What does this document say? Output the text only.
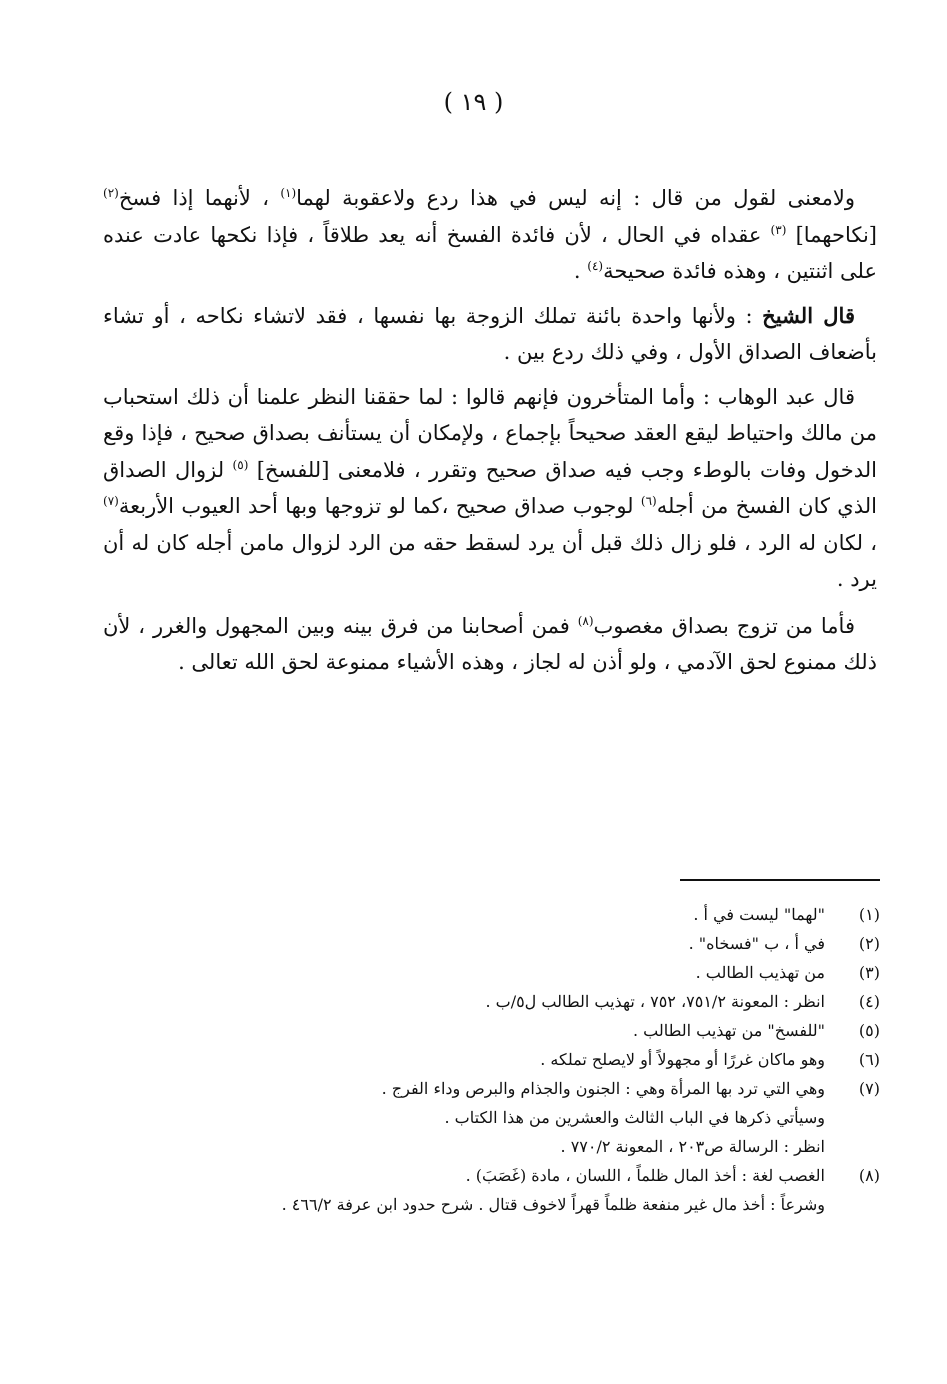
( ١٩ )

ولامعنى لقول من قال : إنه ليس في هذا ردع ولاعقوبة لهما$^{(١)}$ ، لأنهما إذا فسخ$^{(٢)}$ [نكاحهما] $^{(٣)}$ عقداه في الحال ، لأن فائدة الفسخ أنه يعد طلاقاً ، فإذا نكحها عادت عنده على اثنتين ، وهذه فائدة صحيحة$^{(٤)}$ .

قال الشيخ : ولأنها واحدة بائنة تملك الزوجة بها نفسها ، فقد لاتشاء نكاحه ، أو تشاء بأضعاف الصداق الأول ، وفي ذلك ردع بين .

قال عبد الوهاب : وأما المتأخرون فإنهم قالوا : لما حققنا النظر علمنا أن ذلك استحباب من مالك واحتياط ليقع العقد صحيحاً بإجماع ، ولإمكان أن يستأنف بصداق صحيح ، فإذا وقع الدخول وفات بالوطء وجب فيه صداق صحيح وتقرر ، فلامعنى [للفسخ] $^{(٥)}$ لزوال الصداق الذي كان الفسخ من أجله$^{(٦)}$ لوجوب صداق صحيح ،كما لو تزوجها وبها أحد العيوب الأربعة$^{(٧)}$ ، لكان له الرد ، فلو زال ذلك قبل أن يرد لسقط حقه من الرد لزوال مامن أجله كان له أن يرد .

فأما من تزوج بصداق مغصوب$^{(٨)}$ فمن أصحابنا من فرق بينه وبين المجهول والغرر ، لأن ذلك ممنوع لحق الآدمي ، ولو أذن له لجاز ، وهذه الأشياء ممنوعة لحق الله تعالى .

(١)
"لهما" ليست في أ .
(٢)
في أ ، ب "فسخاه" .
(٣)
من تهذيب الطالب .
(٤)
انظر : المعونة ٧٥١/٢، ٧٥٢ ، تهذيب الطالب ل٥/ب .
(٥)
"للفسخ" من تهذيب الطالب .
(٦)
وهو ماكان غررًا أو مجهولاً أو لايصلح تملكه .
(٧)
وهي التي ترد بها المرأة وهي : الجنون والجذام والبرص وداء الفرج .
وسيأتي ذكرها في الباب الثالث والعشرين من هذا الكتاب .
انظر : الرسالة ص٢٠٣ ، المعونة ٧٧٠/٢ .
(٨)
الغصب لغة : أخذ المال ظلماً ، اللسان ، مادة (غَصَبَ) .
وشرعاً : أخذ مال غير منفعة ظلماً قهراً لاخوف قتال . شرح حدود ابن عرفة ٤٦٦/٢ .
